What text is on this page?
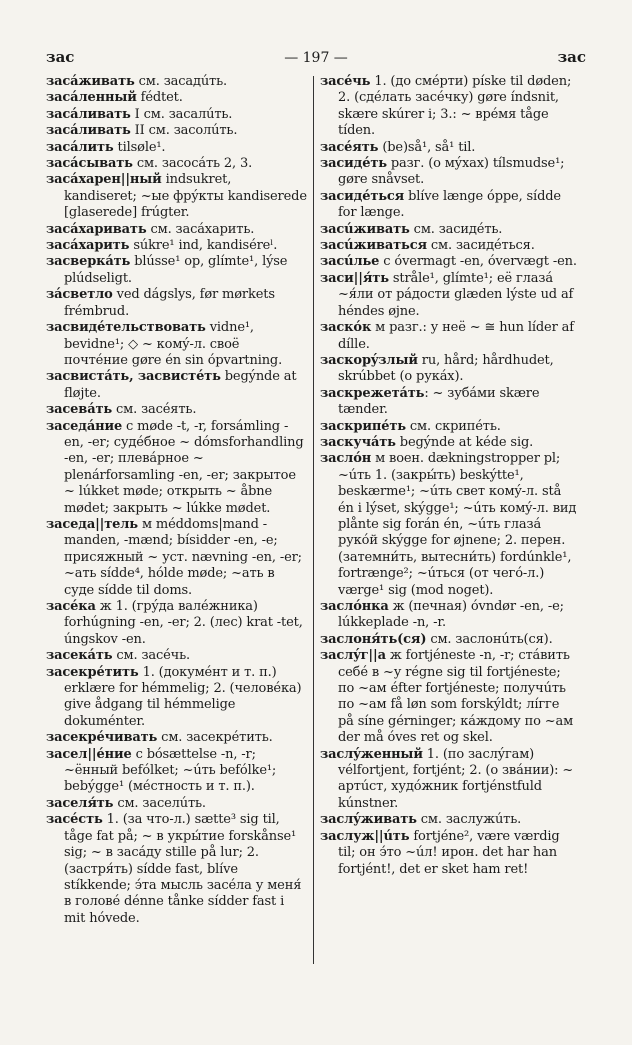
зас	— 197 —	зас

засáживать см. засадúть.

засáленный fédtet.

засáливать I см. засалúть.

засáливать II см. засолúть.

засáлить tilsøle¹.

засáсывать см. засосáть 2, 3.

засáхарен||ный indsukret, kandiseret; ~ые фрýкты kandiserede [glaserede] frúgter.

засáхаривать см. засáхарить.

засáхарить súkre¹ ind, kandiséreˡ.

засверкáть blússe¹ op, glímte¹, lýse plúdseligt.

зáсветло ved dágslys, før mørkets frémbrud.

засвидéтельствовать vidne¹, bevidne¹; ◇ ~ комý-л. своё почтéние gøre én sin ópvartning.

засвистáть, засвистéть begýnde at fløjte.

засевáть см. засéять.

заседáние с møde -t, -r, forsámling -en, -er; судéбное ~ dómsforhandling -en, -er; плевáрное ~ plenárforsamling -en, -er; закрытое ~ lúkket møde; открыть ~ åbne mødet; закрыть ~ lúkke mødet.

заседа||тель м méddoms|mand -manden, -mænd; bísidder -en, -e; присяжный ~ уст. nævning -en, -er; ~ать sídde⁴, hólde møde; ~ать в суде sídde til doms.

засéка ж 1. (грýда валéжника) forhúgning -en, -er; 2. (лес) krat -tet, úngskov -en.

засекáть см. засéчь.

засекрéтить 1. (докумéнт и т. п.) erklære for hémmelig; 2. (человéка) give ådgang til hémmelige dokuménter.

засекрéчивать см. засекрéтить.

засел||éние с bósættelse -n, -r; ~ённый befólket; ~úть befólke¹; bebýgge¹ (мéстность и т. п.).

заселя́ть см. заселúть.

засéсть 1. (за что-л.) sætte³ sig til, tåge fat på; ~ в укры́тие forskånse¹ sig; ~ в засáду stille på lur; 2. (застря́ть) sídde fast, blíve stíkkende; э́та мысль засéла у меня́ в головé dénne tånke sídder fast i mit hóvede.

засéчь 1. (до смéрти) píske til døden; 2. (сдéлать засéчку) gøre índsnit, skære skúrer i; 3.: ~ врéмя tåge tíden.

засéять (be)så¹, så¹ til.

засидéть разг. (о мýхах) tílsmudse¹; gøre snåvset.

засидéться blíve længe óppe, sídde for længe.

засúживать см. засидéть.

засúживаться см. засидéться.

засúлье с óvermagt -en, óvervægt -en.

заси||я́ть stråle¹, glímte¹; её глазá ~я́ли от рáдости glæden lýste ud af héndes øjne.

заскóк м разг.: у неё ~ ≅ hun líder af dílle.

заскорýзлый ru, hård; hårdhudet, skrúbbet (о рукáх).

заскрежетáть: ~ зубáми skære tænder.

заскрипéть см. скрипéть.

заскучáть begýnde at kéde sig.

заслóн м воен. dækningstropper pl; ~úть 1. (закры́ть) beskýtte¹, beskærme¹; ~úть свет комý-л. stå én i lýset, skýgge¹; ~úть комý-л. вид plånte sig forán én, ~úть глазá рукóй skýgge for øjnene; 2. перен. (затемни́ть, вытесни́ть) fordúnkle¹, fortrænge²; ~úться (от чегó-л.) værge¹ sig (mod noget).

заслóнка ж (печная) óvndør -en, -e; lúkkeplade -n, -r.

заслоня́ть(ся) см. заслонúть(ся).

заслýг||а ж fortjéneste -n, -r; стáвить себé в ~у régne sig til fortjéneste; по ~ам éfter fortjéneste; получúть по ~ам få løn som forskýldt; лíгге på síne gérninger; кáждому по ~ам der må óves ret og skel.

заслýженный 1. (по заслýгам) vélfortjent, fortjént; 2. (о звáнии): ~ артúст, худóжник fortjénstfuld kúnstner.

заслýживать см. заслужúть.

заслуж||úть fortjéne², være værdig til; он э́то ~úл! ирон. det har han fortjént!, det er sket ham ret!
